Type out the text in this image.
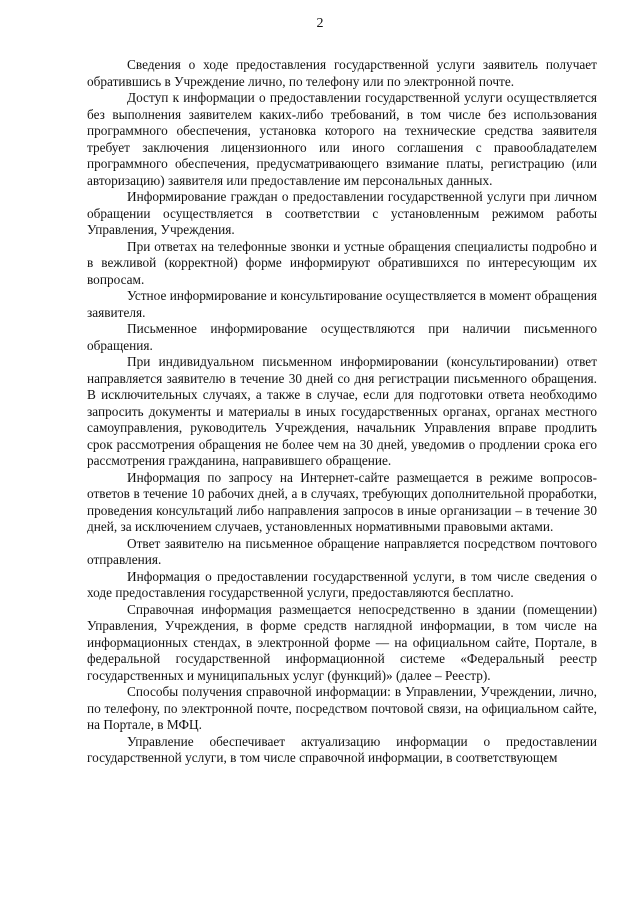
2

Сведения о ходе предоставления государственной услуги заявитель получает обратившись в Учреждение лично, по телефону или по электронной почте.

Доступ к информации о предоставлении государственной услуги осуществляется без выполнения заявителем каких-либо требований, в том числе без использования программного обеспечения, установка которого на технические средства заявителя требует заключения лицензионного или иного соглашения с правообладателем программного обеспечения, предусматривающего взимание платы, регистрацию (или авторизацию) заявителя или предоставление им персональных данных.

Информирование граждан о предоставлении государственной услуги при личном обращении осуществляется в соответствии с установленным режимом работы Управления, Учреждения.

При ответах на телефонные звонки и устные обращения специалисты подробно и в вежливой (корректной) форме информируют обратившихся по интересующим их вопросам.

Устное информирование и консультирование осуществляется в момент обращения заявителя.

Письменное информирование осуществляются при наличии письменного обращения.

При индивидуальном письменном информировании (консультировании) ответ направляется заявителю в течение 30 дней со дня регистрации письменного обращения. В исключительных случаях, а также в случае, если для подготовки ответа необходимо запросить документы и материалы в иных государственных органах, органах местного самоуправления, руководитель Учреждения, начальник Управления вправе продлить срок рассмотрения обращения не более чем на 30 дней, уведомив о продлении срока его рассмотрения гражданина, направившего обращение.

Информация по запросу на Интернет-сайте размещается в режиме вопросов-ответов в течение 10 рабочих дней, а в случаях, требующих дополнительной проработки, проведения консультаций либо направления запросов в иные организации – в течение 30 дней, за исключением случаев, установленных нормативными правовыми актами.

Ответ заявителю на письменное обращение направляется посредством почтового отправления.

Информация о предоставлении государственной услуги, в том числе сведения о ходе предоставления государственной услуги, предоставляются бесплатно.

Справочная информация размещается непосредственно в здании (помещении) Управления, Учреждения, в форме средств наглядной информации, в том числе на информационных стендах, в электронной форме — на официальном сайте, Портале, в федеральной государственной информационной системе «Федеральный реестр государственных и муниципальных услуг (функций)» (далее – Реестр).

Способы получения справочной информации: в Управлении, Учреждении, лично, по телефону, по электронной почте, посредством почтовой связи, на официальном сайте, на Портале, в МФЦ.

Управление обеспечивает актуализацию информации о предоставлении государственной услуги, в том числе справочной информации, в соответствующем
